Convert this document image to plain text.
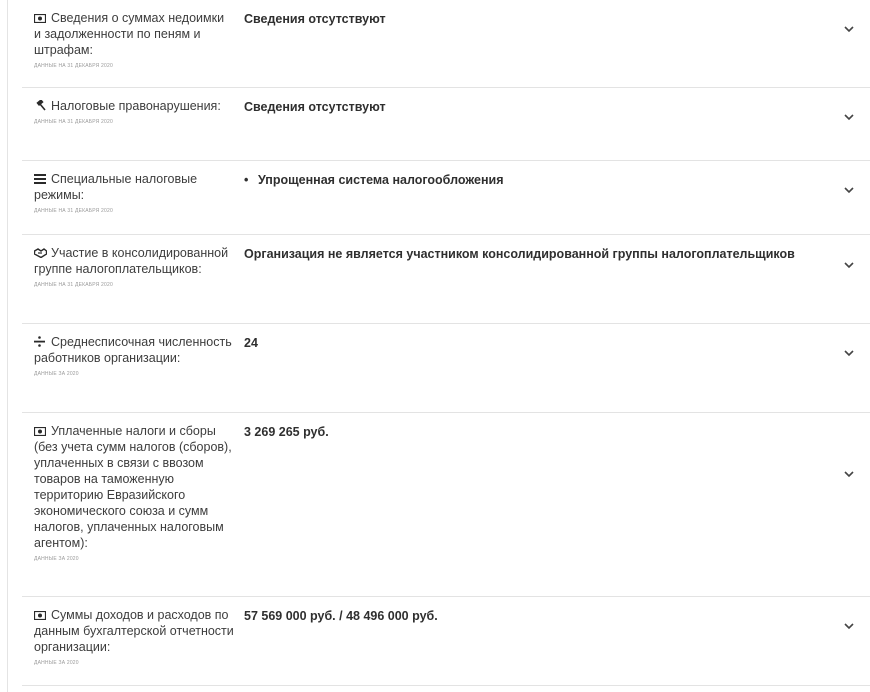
Сведения о суммах недоимки и задолженности по пеням и штрафам:
ДАННЫЕ НА 31 ДЕКАБРЯ 2020
Сведения отсутствуют
Налоговые правонарушения:
ДАННЫЕ НА 31 ДЕКАБРЯ 2020
Сведения отсутствуют
Специальные налоговые режимы:
ДАННЫЕ НА 31 ДЕКАБРЯ 2020
• Упрощенная система налогообложения
Участие в консолидированной группе налогоплательщиков:
ДАННЫЕ НА 31 ДЕКАБРЯ 2020
Организация не является участником консолидированной группы налогоплательщиков
Среднесписочная численность работников организации:
ДАННЫЕ ЗА 2020
24
Уплаченные налоги и сборы (без учета сумм налогов (сборов), уплаченных в связи с ввозом товаров на таможенную территорию Евразийского экономического союза и сумм налогов, уплаченных налоговым агентом):
ДАННЫЕ ЗА 2020
3 269 265 руб.
Суммы доходов и расходов по данным бухгалтерской отчетности организации:
ДАННЫЕ ЗА 2020
57 569 000 руб. / 48 496 000 руб.
